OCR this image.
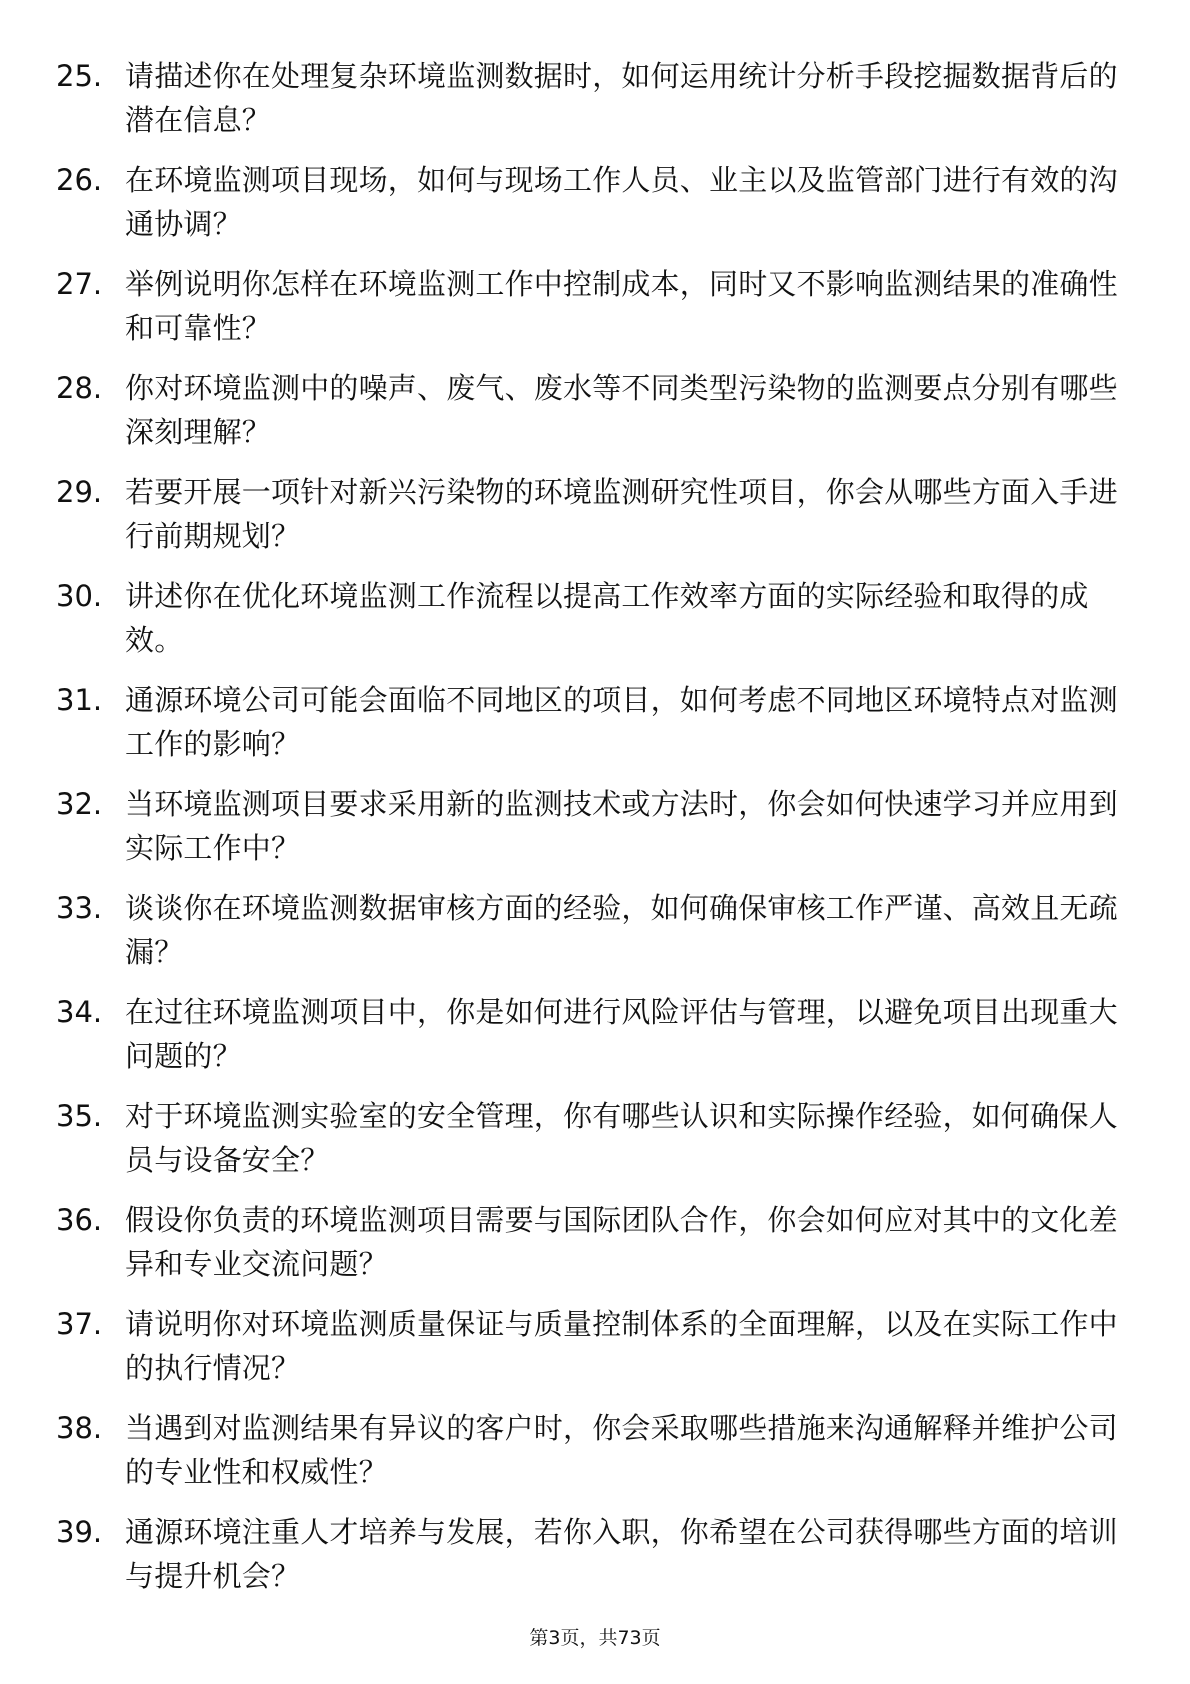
25. 请描述你在处理复杂环境监测数据时，如何运用统计分析手段挖掘数据背后的潜在信息？
26. 在环境监测项目现场，如何与现场工作人员、业主以及监管部门进行有效的沟通协调？
27. 举例说明你怎样在环境监测工作中控制成本，同时又不影响监测结果的准确性和可靠性？
28. 你对环境监测中的噪声、废气、废水等不同类型污染物的监测要点分别有哪些深刻理解？
29. 若要开展一项针对新兴污染物的环境监测研究性项目，你会从哪些方面入手进行前期规划？
30. 讲述你在优化环境监测工作流程以提高工作效率方面的实际经验和取得的成效。
31. 通源环境公司可能会面临不同地区的项目，如何考虑不同地区环境特点对监测工作的影响？
32. 当环境监测项目要求采用新的监测技术或方法时，你会如何快速学习并应用到实际工作中？
33. 谈谈你在环境监测数据审核方面的经验，如何确保审核工作严谨、高效且无疏漏？
34. 在过往环境监测项目中，你是如何进行风险评估与管理，以避免项目出现重大问题的？
35. 对于环境监测实验室的安全管理，你有哪些认识和实际操作经验，如何确保人员与设备安全？
36. 假设你负责的环境监测项目需要与国际团队合作，你会如何应对其中的文化差异和专业交流问题？
37. 请说明你对环境监测质量保证与质量控制体系的全面理解，以及在实际工作中的执行情况？
38. 当遇到对监测结果有异议的客户时，你会采取哪些措施来沟通解释并维护公司的专业性和权威性？
39. 通源环境注重人才培养与发展，若你入职，你希望在公司获得哪些方面的培训与提升机会？
第3页，共73页
